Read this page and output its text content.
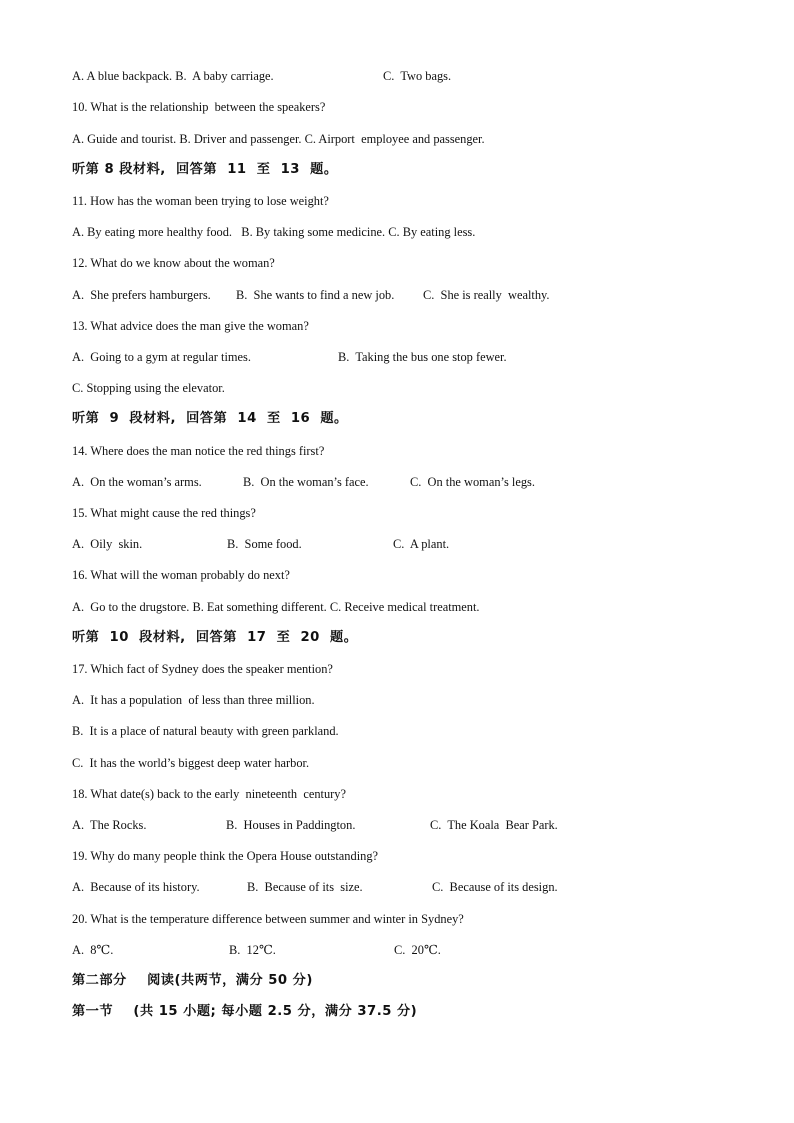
A. A blue backpack. B.  A baby carriage.

	C.  Two bags.

10. What is the relationship  between the speakers?
A. Guide and tourist. B. Driver and passenger. C. Airport  employee and passenger.
听第 8 段材料,  回答第  11  至  13  题。
11. How has the woman been trying to lose weight?
A. By eating more healthy food.   B. By taking some medicine. C. By eating less.
12. What do we know about the woman?

A.  She prefers hamburgers.

B.  She wants to find a new job.

C.  She is really  wealthy.

13. What advice does the man give the woman?

A.  Going to a gym at regular times.

	B.  Taking the bus one stop fewer.

C. Stopping using the elevator.
听第  9  段材料,  回答第  14  至  16  题。
14. Where does the man notice the red things first?

A.  On the woman’s arms.

	B.  On the woman’s face.

	C.  On the woman’s legs.

15. What might cause the red things?

A.  Oily  skin.

	B.  Some food.

	C.  A plant.

16. What will the woman probably do next?
A.  Go to the drugstore. B. Eat something different. C. Receive medical treatment.
听第  10  段材料,  回答第  17  至  20  题。
17. Which fact of Sydney does the speaker mention?
A.  It has a population  of less than three million.
B.  It is a place of natural beauty with green parkland.
C.  It has the world’s biggest deep water harbor.
18. What date(s) back to the early  nineteenth  century?

A.  The Rocks.

	B.  Houses in Paddington.

	C.  The Koala  Bear Park.

19. Why do many people think the Opera House outstanding?

A.  Because of its history.

	B.  Because of its  size.

	C.  Because of its design.

20. What is the temperature difference between summer and winter in Sydney?

A.  8℃.

	B.  12℃.

	C.  20℃.

第二部分    阅读(共两节，满分 50 分)
第一节    (共 15 小题; 每小题 2.5 分，满分 37.5 分)
